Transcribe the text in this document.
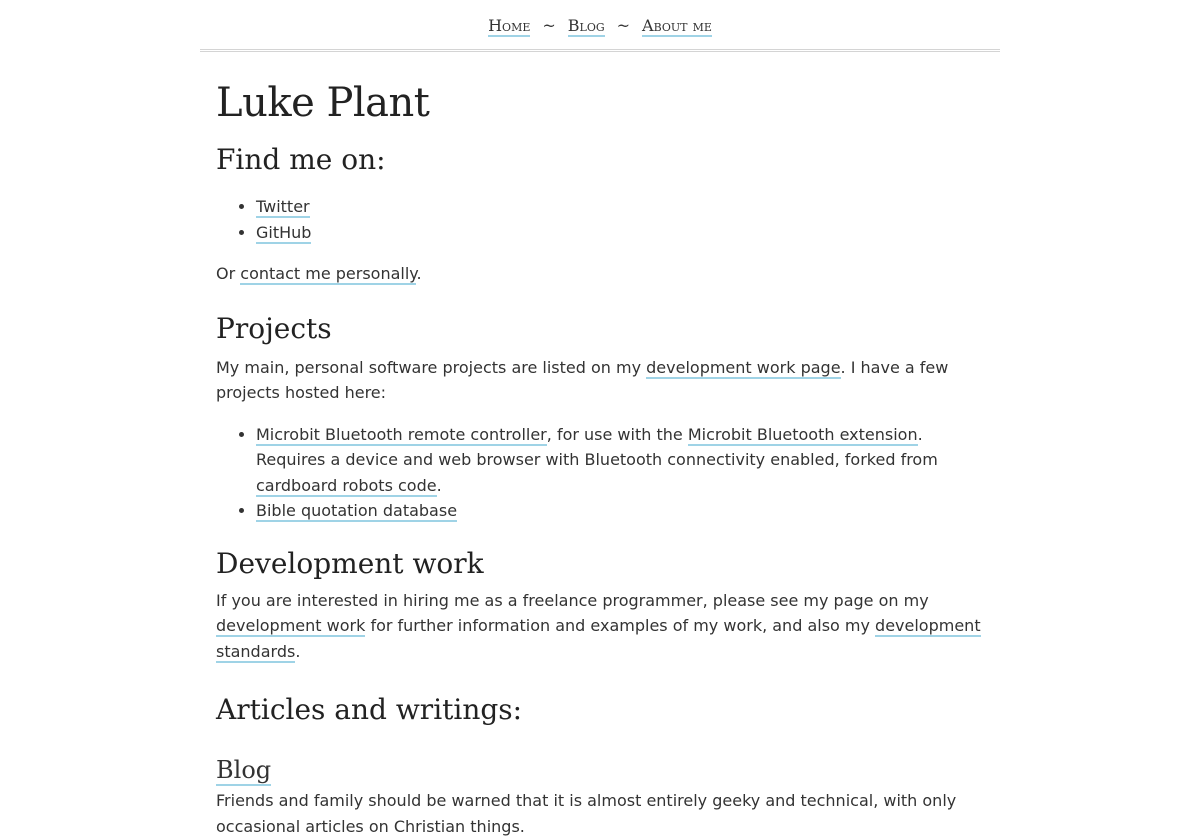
Home ~ Blog ~ About me
Luke Plant
Find me on:
• Twitter
• GitHub

Or contact me personally.

Projects

My main, personal software projects are listed on my development work page. I have a few projects hosted here:

• Microbit Bluetooth remote controller, for use with the Microbit Bluetooth extension. Requires a device and web browser with Bluetooth connectivity enabled, forked from cardboard robots code.
• Bible quotation database
Development work

If you are interested in hiring me as a freelance programmer, please see my page on my development work for further information and examples of my work, and also my development standards.

Articles and writings:
Blog

Friends and family should be warned that it is almost entirely geeky and technical, with only occasional articles on Christian things.
